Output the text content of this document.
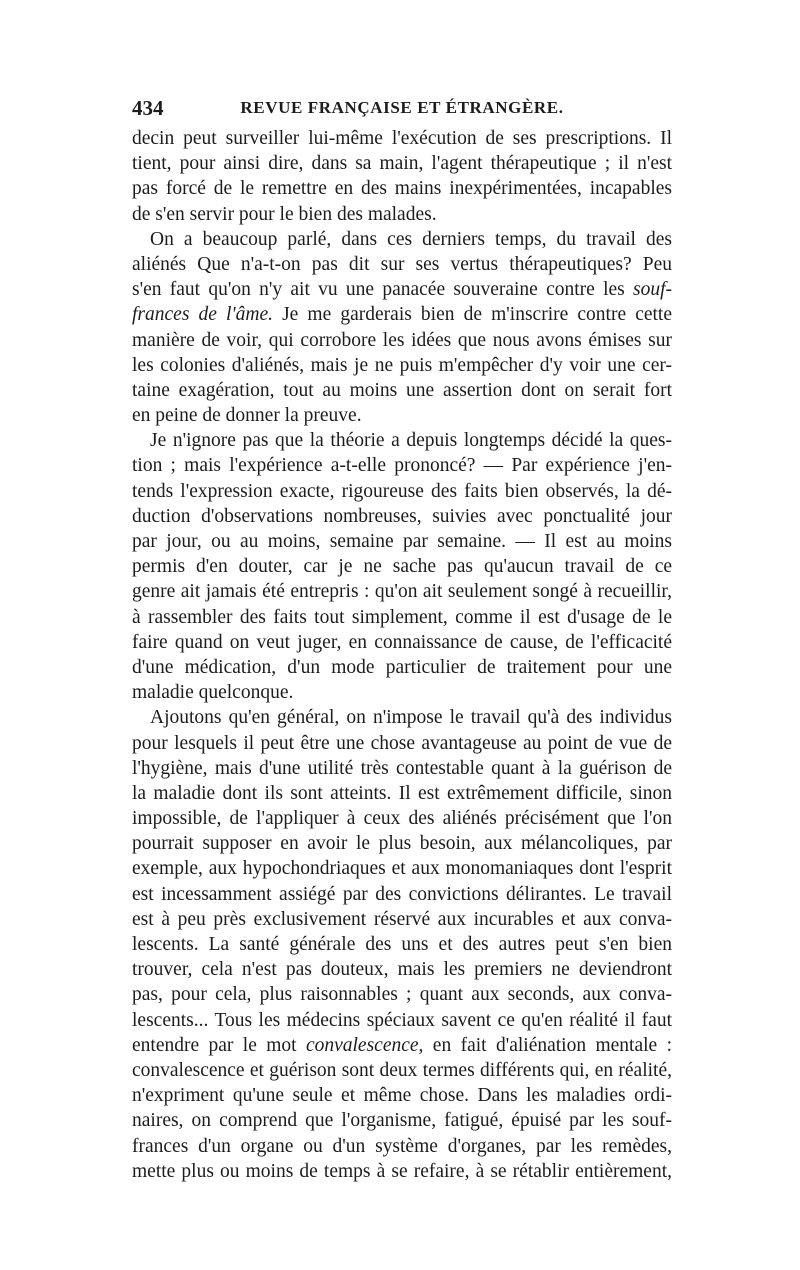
434	REVUE FRANÇAISE ET ÉTRANGÈRE.
decin peut surveiller lui-même l'exécution de ses prescriptions. Il
tient, pour ainsi dire, dans sa main, l'agent thérapeutique ; il n'est
pas forcé de le remettre en des mains inexpérimentées, incapables
de s'en servir pour le bien des malades.
On a beaucoup parlé, dans ces derniers temps, du travail des
aliénés Que n'a-t-on pas dit sur ses vertus thérapeutiques? Peu
s'en faut qu'on n'y ait vu une panacée souveraine contre les souf-
frances de l'âme. Je me garderais bien de m'inscrire contre cette
manière de voir, qui corrobore les idées que nous avons émises sur
les colonies d'aliénés, mais je ne puis m'empêcher d'y voir une cer-
taine exagération, tout au moins une assertion dont on serait fort
en peine de donner la preuve.
Je n'ignore pas que la théorie a depuis longtemps décidé la ques-
tion ; mais l'expérience a-t-elle prononcé? — Par expérience j'en-
tends l'expression exacte, rigoureuse des faits bien observés, la dé-
duction d'observations nombreuses, suivies avec ponctualité jour
par jour, ou au moins, semaine par semaine. — Il est au moins
permis d'en douter, car je ne sache pas qu'aucun travail de ce
genre ait jamais été entrepris : qu'on ait seulement songé à recueillir,
à rassembler des faits tout simplement, comme il est d'usage de le
faire quand on veut juger, en connaissance de cause, de l'efficacité
d'une médication, d'un mode particulier de traitement pour une
maladie quelconque.
Ajoutons qu'en général, on n'impose le travail qu'à des individus
pour lesquels il peut être une chose avantageuse au point de vue de
l'hygiène, mais d'une utilité très contestable quant à la guérison de
la maladie dont ils sont atteints. Il est extrêmement difficile, sinon
impossible, de l'appliquer à ceux des aliénés précisément que l'on
pourrait supposer en avoir le plus besoin, aux mélancoliques, par
exemple, aux hypochondriaques et aux monomaniaques dont l'esprit
est incessamment assiégé par des convictions délirantes. Le travail
est à peu près exclusivement réservé aux incurables et aux conva-
lescents. La santé générale des uns et des autres peut s'en bien
trouver, cela n'est pas douteux, mais les premiers ne deviendront
pas, pour cela, plus raisonnables ; quant aux seconds, aux conva-
lescents... Tous les médecins spéciaux savent ce qu'en réalité il faut
entendre par le mot convalescence, en fait d'aliénation mentale :
convalescence et guérison sont deux termes différents qui, en réalité,
n'expriment qu'une seule et même chose. Dans les maladies ordi-
naires, on comprend que l'organisme, fatigué, épuisé par les souf-
frances d'un organe ou d'un système d'organes, par les remèdes,
mette plus ou moins de temps à se refaire, à se rétablir entièrement,
